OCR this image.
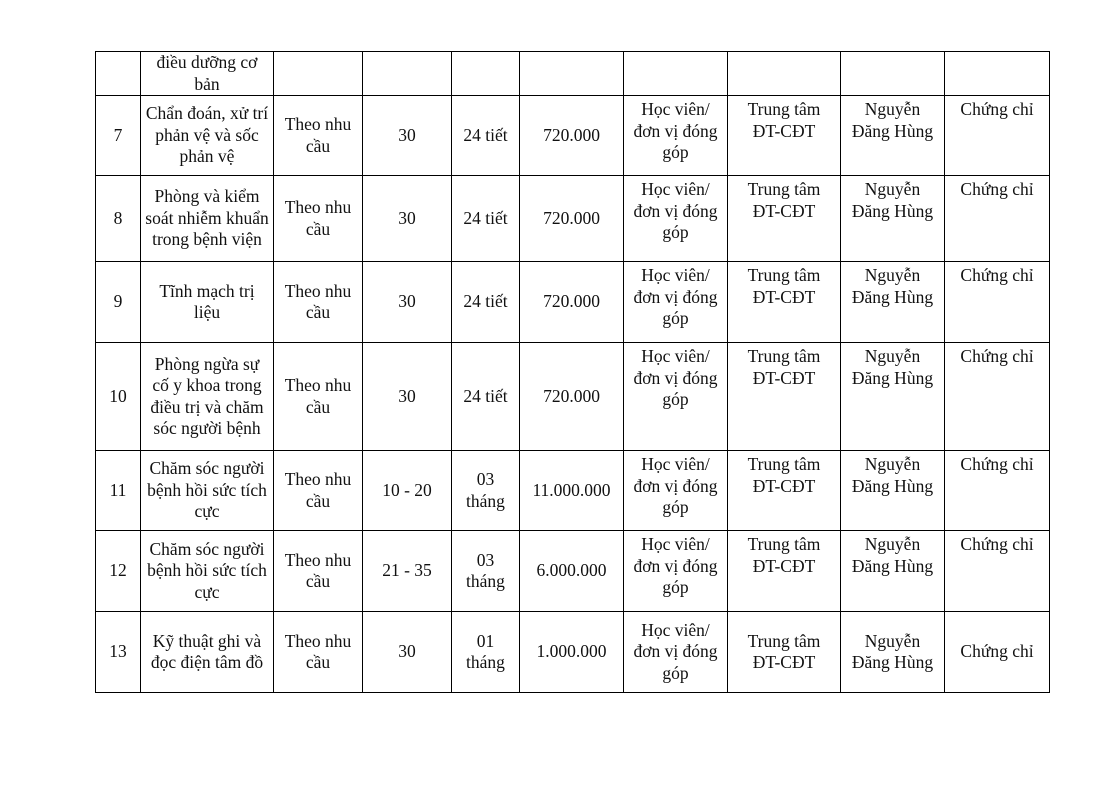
	điều dưỡng cơ bản								
7	Chẩn đoán, xử trí phản vệ và sốc phản vệ	Theo nhu cầu	30	24 tiết	720.000	Học viên/ đơn vị đóng góp	Trung tâm ĐT-CĐT	Nguyễn Đăng Hùng	Chứng chỉ
8	Phòng và kiểm soát nhiễm khuẩn trong bệnh viện	Theo nhu cầu	30	24 tiết	720.000	Học viên/ đơn vị đóng góp	Trung tâm ĐT-CĐT	Nguyễn Đăng Hùng	Chứng chỉ
9	Tĩnh mạch trị liệu	Theo nhu cầu	30	24 tiết	720.000	Học viên/ đơn vị đóng góp	Trung tâm ĐT-CĐT	Nguyễn Đăng Hùng	Chứng chỉ
10	Phòng ngừa sự cố y khoa trong điều trị và chăm sóc người bệnh	Theo nhu cầu	30	24 tiết	720.000	Học viên/ đơn vị đóng góp	Trung tâm ĐT-CĐT	Nguyễn Đăng Hùng	Chứng chỉ
11	Chăm sóc người bệnh hồi sức tích cực	Theo nhu cầu	10 - 20	03 tháng	11.000.000	Học viên/ đơn vị đóng góp	Trung tâm ĐT-CĐT	Nguyễn Đăng Hùng	Chứng chỉ
12	Chăm sóc người bệnh hồi sức tích cực	Theo nhu cầu	21 - 35	03 tháng	6.000.000	Học viên/ đơn vị đóng góp	Trung tâm ĐT-CĐT	Nguyễn Đăng Hùng	Chứng chỉ
13	Kỹ thuật ghi và đọc điện tâm đồ	Theo nhu cầu	30	01 tháng	1.000.000	Học viên/ đơn vị đóng góp	Trung tâm ĐT-CĐT	Nguyễn Đăng Hùng	Chứng chỉ
